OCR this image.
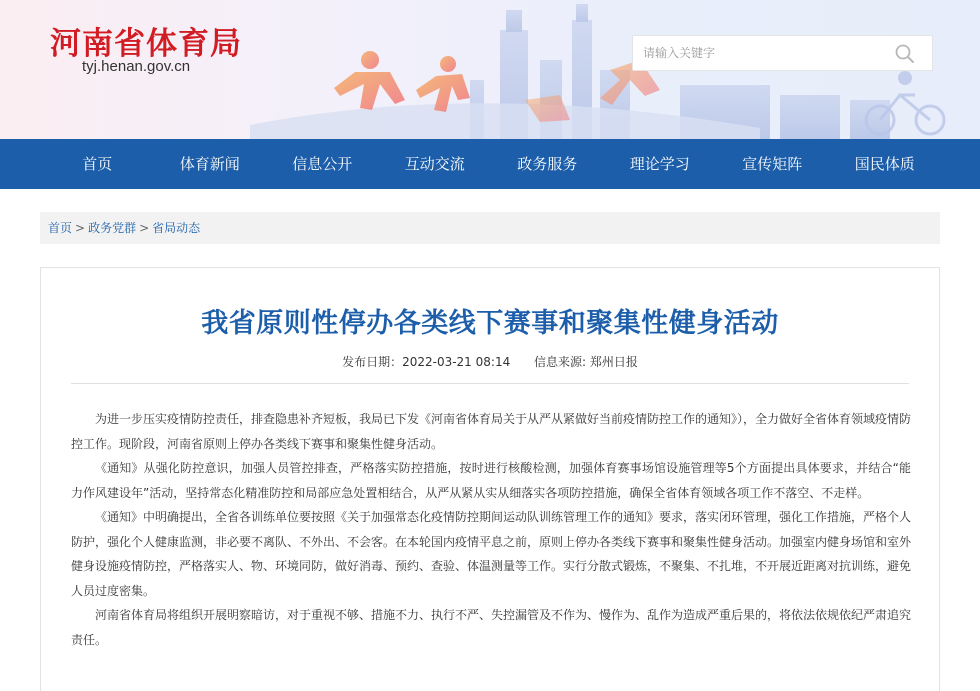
河南省体育局
tyj.henan.gov.cn
请输入关键字
首页	体育新闻	信息公开	互动交流	政务服务	理论学习	宣传矩阵	国民体质
首页 > 政务党群 > 省局动态
我省原则性停办各类线下赛事和聚集性健身活动
发布日期：2022-03-21 08:14 信息来源: 郑州日报

为进一步压实疫情防控责任，排查隐患补齐短板，我局已下发《河南省体育局关于从严从紧做好当前疫情防控工作的通知》），全力做好全省体育领域疫情防控工作。现阶段，河南省原则上停办各类线下赛事和聚集性健身活动。

《通知》从强化防控意识，加强人员管控排查，严格落实防控措施，按时进行核酸检测，加强体育赛事场馆设施管理等5个方面提出具体要求，并结合“能力作风建设年”活动，坚持常态化精准防控和局部应急处置相结合，从严从紧从实从细落实各项防控措施，确保全省体育领域各项工作不落空、不走样。

《通知》中明确提出，全省各训练单位要按照《关于加强常态化疫情防控期间运动队训练管理工作的通知》要求，落实闭环管理，强化工作措施，严格个人防护，强化个人健康监测，非必要不离队、不外出、不会客。在本轮国内疫情平息之前，原则上停办各类线下赛事和聚集性健身活动。加强室内健身场馆和室外健身设施疫情防控，严格落实人、物、环境同防，做好消毒、预约、查验、体温测量等工作。实行分散式锻炼，不聚集、不扎堆，不开展近距离对抗训练，避免人员过度密集。

河南省体育局将组织开展明察暗访，对于重视不够、措施不力、执行不严、失控漏管及不作为、慢作为、乱作为造成严重后果的，将依法依规依纪严肃追究责任。
